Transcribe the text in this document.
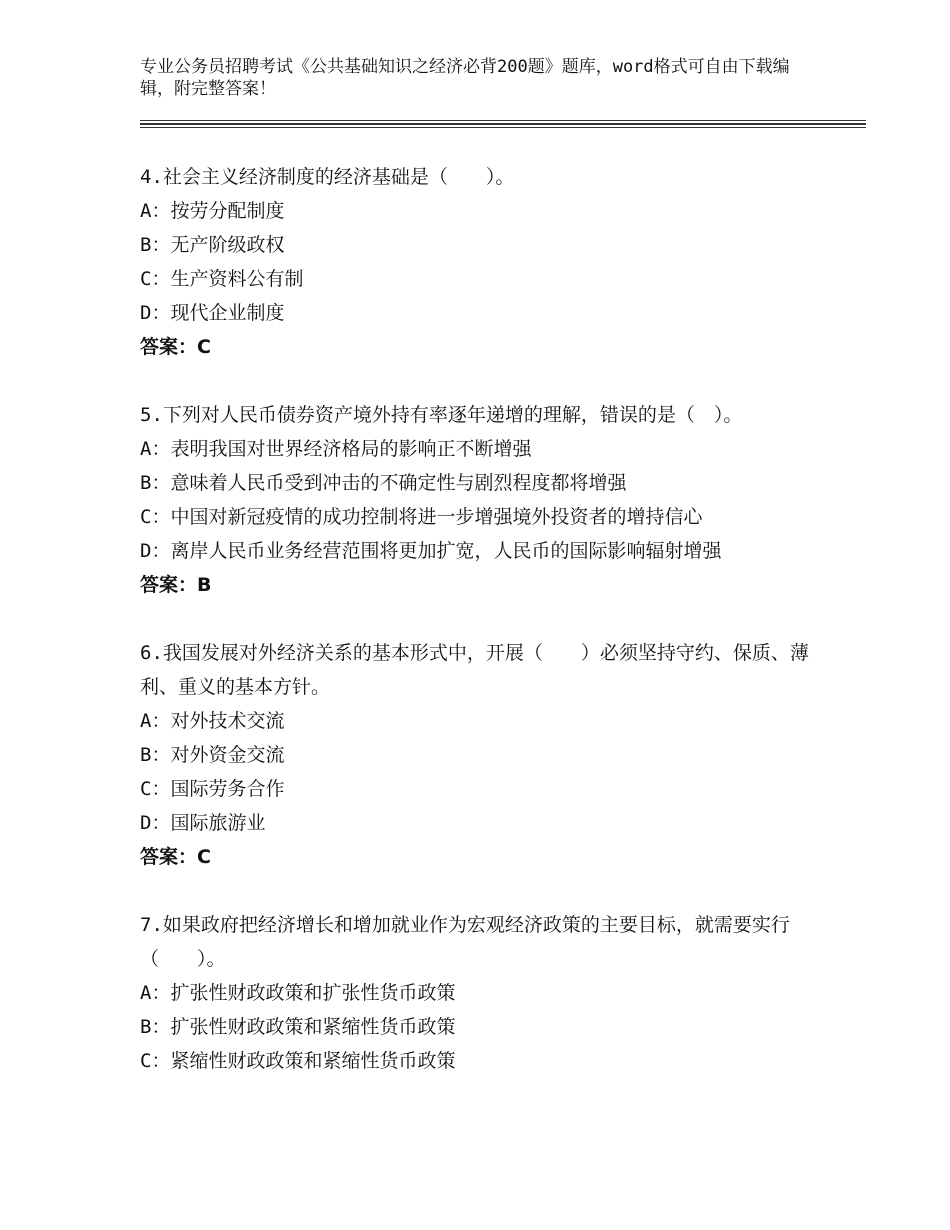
专业公务员招聘考试《公共基础知识之经济必背200题》题库，word格式可自由下载编辑，附完整答案！

4.社会主义经济制度的经济基础是（　　）。

A：按劳分配制度

B：无产阶级政权

C：生产资料公有制

D：现代企业制度

答案：C

5.下列对人民币债券资产境外持有率逐年递增的理解，错误的是（　）。

A：表明我国对世界经济格局的影响正不断增强

B：意味着人民币受到冲击的不确定性与剧烈程度都将增强

C：中国对新冠疫情的成功控制将进一步增强境外投资者的增持信心

D：离岸人民币业务经营范围将更加扩宽，人民币的国际影响辐射增强

答案：B

6.我国发展对外经济关系的基本形式中，开展（　　）必须坚持守约、保质、薄利、重义的基本方针。

A：对外技术交流

B：对外资金交流

C：国际劳务合作

D：国际旅游业

答案：C

7.如果政府把经济增长和增加就业作为宏观经济政策的主要目标，就需要实行（　　）。

A：扩张性财政政策和扩张性货币政策

B：扩张性财政政策和紧缩性货币政策

C：紧缩性财政政策和紧缩性货币政策
